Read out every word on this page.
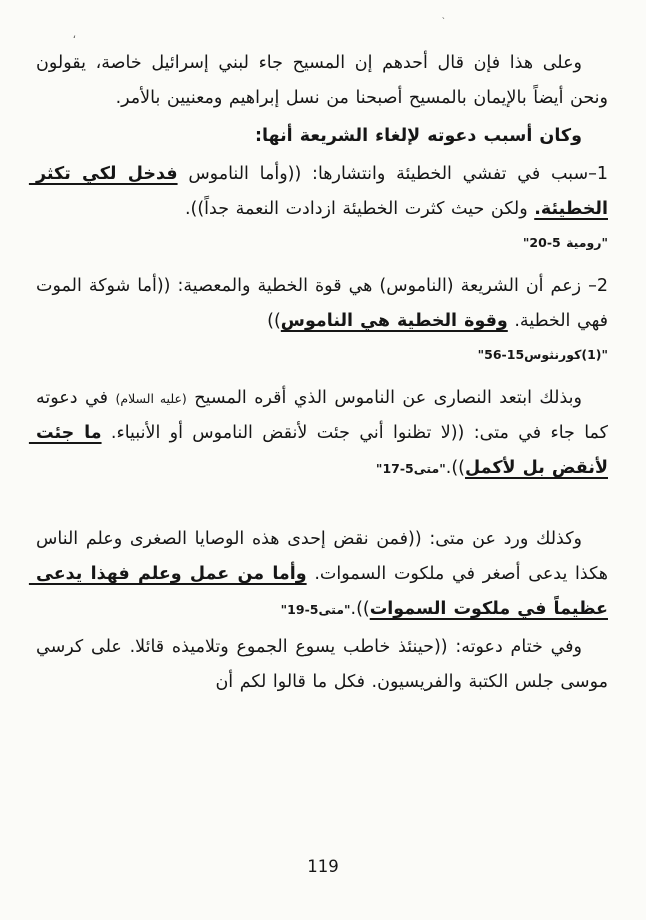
،
ˎ

وعلى هذا فإن قال أحدهم إن المسيح جاء لبني إسرائيل خاصة، يقولون ونحن أيضاً بالإيمان بالمسيح أصبحنا من نسل إبراهيم ومعنيين بالأمر.

وكان أسبب دعوته لإلغاء الشريعة أنها:

1–سبب في تفشي الخطيئة وانتشارها: ((وأما الناموس فدخل لكي تكثر الخطيئة. ولكن حيث كثرت الخطيئة ازدادت النعمة جداً)).

"رومية 5-20"

2– زعم أن الشريعة (الناموس) هي قوة الخطية والمعصية: ((أما شوكة الموت فهي الخطية. وقوة الخطية هي الناموس))

"(1)كورنثوس15-56"

وبذلك ابتعد النصارى عن الناموس الذي أقره المسيح (عليه السلام) في دعوته كما جاء في متى: ((لا تظنوا أني جئت لأنقض الناموس أو الأنبياء. ما جئت لأنقض بل لأكمل))."متى5-17"

وكذلك ورد عن متى: ((فمن نقض إحدى هذه الوصايا الصغرى وعلم الناس هكذا يدعى أصغر في ملكوت السموات. وأما من عمل وعلم فهذا يدعى عظيماً في ملكوت السموات))."متى5-19"

وفي ختام دعوته: ((حينئذ خاطب يسوع الجموع وتلاميذه قائلا. على كرسي موسى جلس الكتبة والفريسيون. فكل ما قالوا لكم أن

119
